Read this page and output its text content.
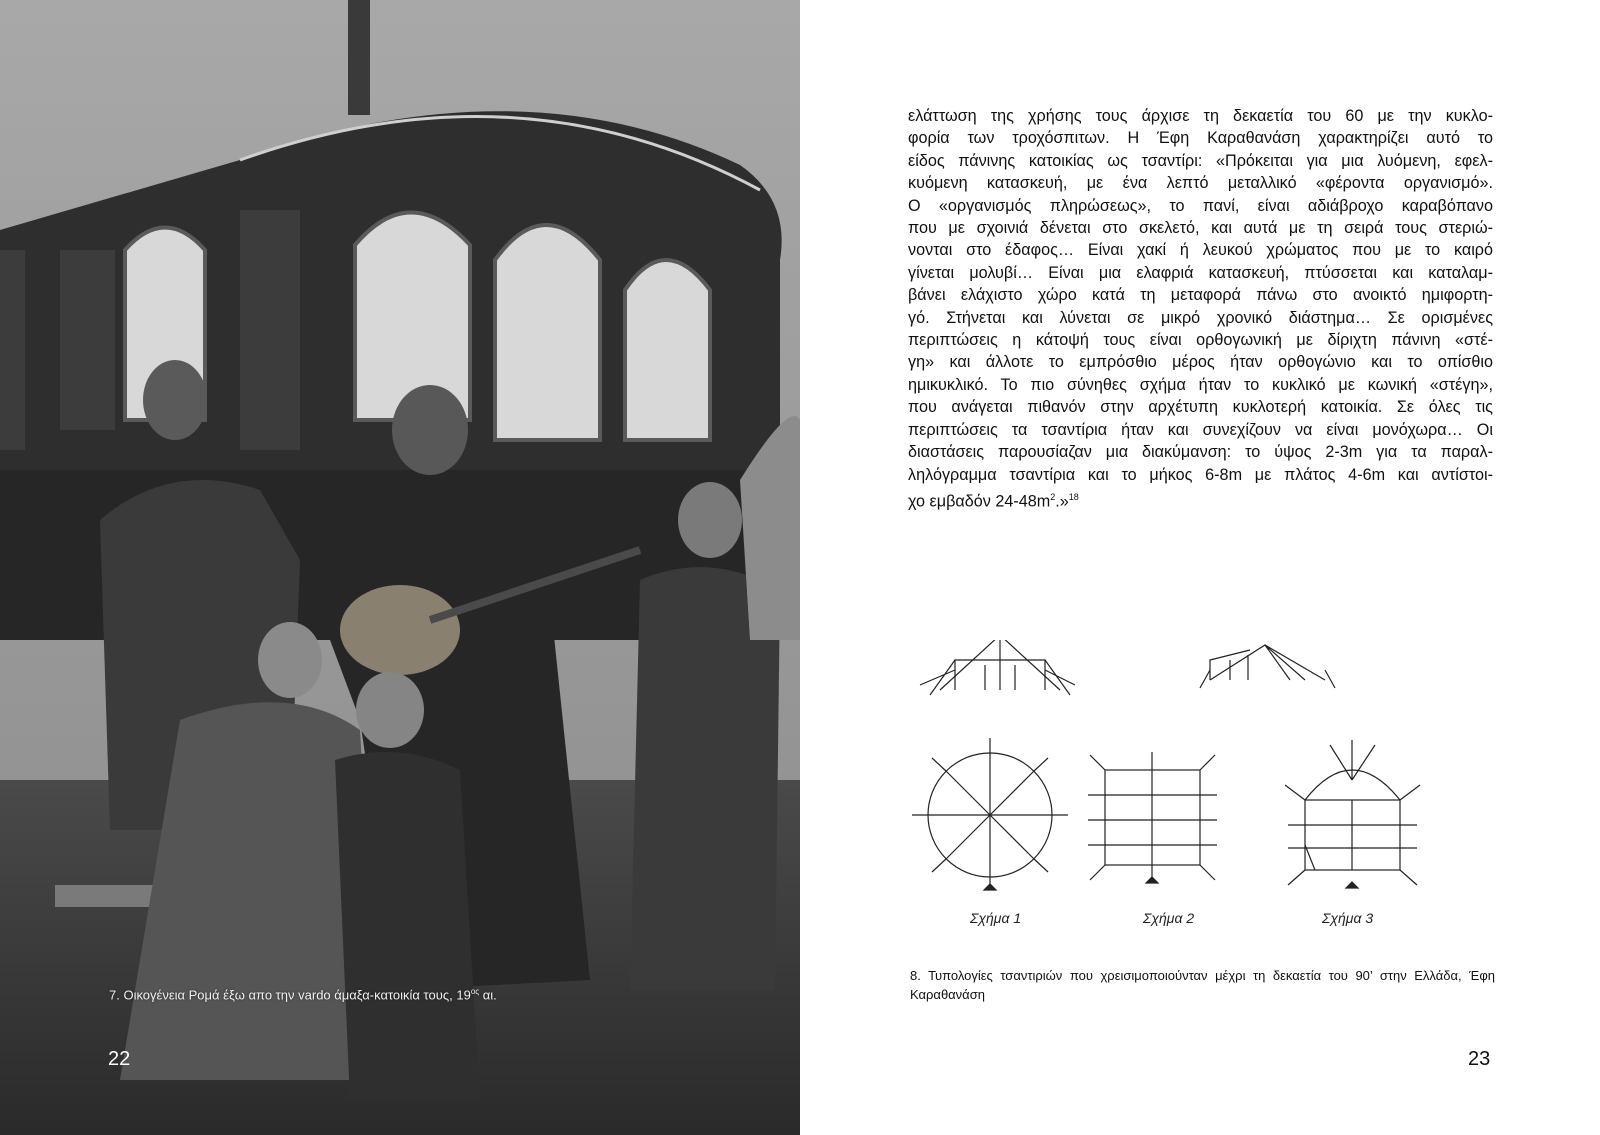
7. Οικογένεια Ρομά έξω απο την vardo άμαξα-κατοικία τους, $19^{o\varsigma}$ αι.
22

ελάττωση της χρήσης τους άρχισε τη δεκαετία του 60 με την κυκλο-
φορία των τροχόσπιτων. Η Έφη Καραθανάση χαρακτηρίζει αυτό το
είδος πάνινης κατοικίας ως τσαντίρι: «Πρόκειται για μια λυόμενη, εφελ-
κυόμενη κατασκευή, με ένα λεπτό μεταλλικό «φέροντα οργανισμό».
Ο «οργανισμός πληρώσεως», το πανί, είναι αδιάβροχο καραβόπανο
που με σχοινιά δένεται στο σκελετό, και αυτά με τη σειρά τους στεριώ-
νονται στο έδαφος… Είναι χακί ή λευκού χρώματος που με το καιρό
γίνεται μολυβί… Είναι μια ελαφριά κατασκευή, πτύσσεται και καταλαμ-
βάνει ελάχιστο χώρο κατά τη μεταφορά πάνω στο ανοικτό ημιφορτη-
γό. Στήνεται και λύνεται σε μικρό χρονικό διάστημα… Σε ορισμένες
περιπτώσεις η κάτοψή τους είναι ορθογωνική με δίριχτη πάνινη «στέ-
γη» και άλλοτε το εμπρόσθιο μέρος ήταν ορθογώνιο και το οπίσθιο
ημικυκλικό. Το πιο σύνηθες σχήμα ήταν το κυκλικό με κωνική «στέγη»,
που ανάγεται πιθανόν στην αρχέτυπη κυκλοτερή κατοικία. Σε όλες τις
περιπτώσεις τα τσαντίρια ήταν και συνεχίζουν να είναι μονόχωρα… Οι
διαστάσεις παρουσίαζαν μια διακύμανση: το ύψος 2-3m για τα παραλ-
ληλόγραμμα τσαντίρια και το μήκος 6-8m με πλάτος 4-6m και αντίστοι-
χο εμβαδόν $24-48m^2.»^{18}$

Σχήμα 1	Σχήμα 2	Σχήμα 3
8. Τυπολογίες τσαντιριών που χρεισιμοποιούνταν μέχρι τη δεκαετία του 90’ στην Ελλάδα, Έφη Καραθανάση
23
